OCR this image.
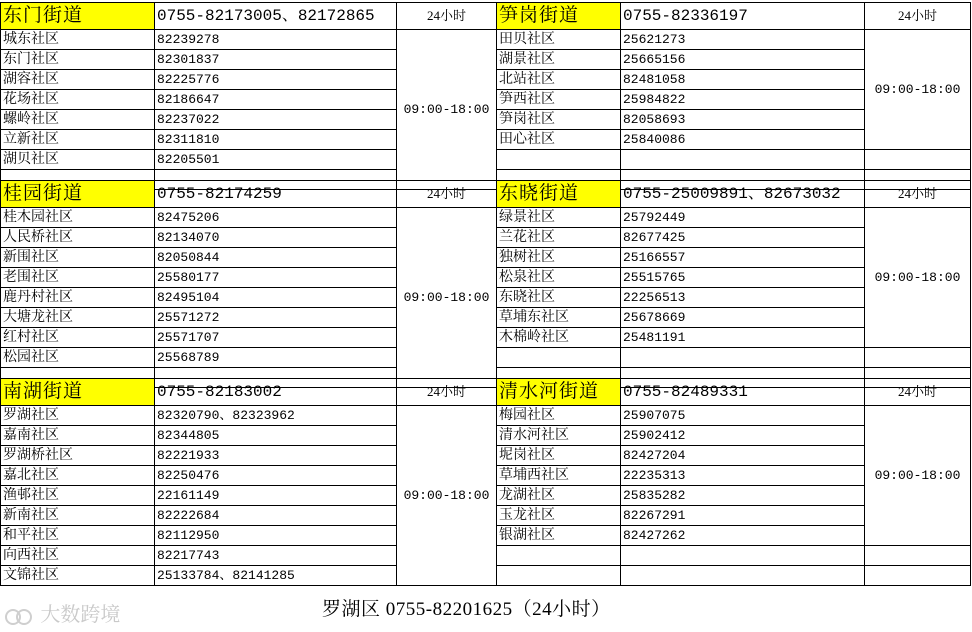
东门街道	0755-82173005、82172865	24小时
城东社区	82239278	09:00-18:00
东门社区	82301837	
湖容社区	82225776	
花场社区	82186647	
螺岭社区	82237022	
立新社区	82311810	
湖贝社区	82205501	

桂园街道	0755-82174259	24小时
桂木园社区	82475206	09:00-18:00
人民桥社区	82134070	
新围社区	82050844	
老围社区	25580177	
鹿丹村社区	82495104	
大塘龙社区	25571272	
红村社区	25571707	
松园社区	25568789	

南湖街道	0755-82183002	24小时
罗湖社区	82320790、82323962	09:00-18:00
嘉南社区	82344805	
罗湖桥社区	82221933	
嘉北社区	82250476	
渔邨社区	22161149	
新南社区	82222684	
和平社区	82112950	
向西社区	82217743	
文锦社区	25133784、82141285	
笋岗街道	0755-82336197	24小时
田贝社区	25621273	09:00-18:00
湖景社区	25665156	
北站社区	82481058	
笋西社区	25984822	
笋岗社区	82058693	
田心社区	25840086	

东晓街道	0755-25009891、82673032	24小时
绿景社区	25792449	09:00-18:00
兰花社区	82677425	
独树社区	25166557	
松泉社区	25515765	
东晓社区	22256513	
草埔东社区	25678669	
木棉岭社区	25481191	

清水河街道	0755-82489331	24小时
梅园社区	25907075	09:00-18:00
清水河社区	25902412	
坭岗社区	82427204	
草埔西社区	22235313	
龙湖社区	25835282	
玉龙社区	82267291	
银湖社区	82427262	

大数跨境	罗湖区 0755-82201625（24小时）
